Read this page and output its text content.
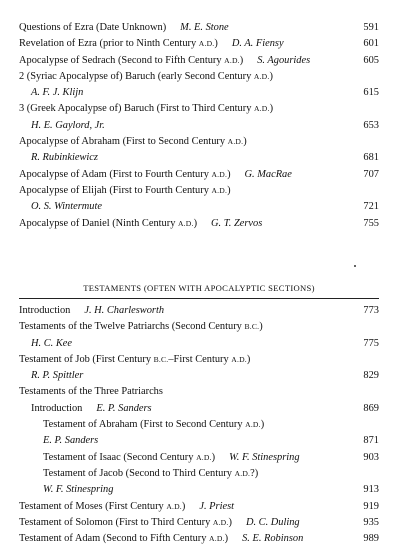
Questions of Ezra (Date Unknown) M. E. Stone	591
Revelation of Ezra (prior to Ninth Century A.D.) D. A. Fiensy	601
Apocalypse of Sedrach (Second to Fifth Century A.D.) S. Agourides	605
2 (Syriac Apocalypse of) Baruch (early Second Century A.D.)
A. F. J. Klijn	615
3 (Greek Apocalypse of) Baruch (First to Third Century A.D.)
H. E. Gaylord, Jr.	653
Apocalypse of Abraham (First to Second Century A.D.)
R. Rubinkiewicz	681
Apocalypse of Adam (First to Fourth Century A.D.) G. MacRae	707
Apocalypse of Elijah (First to Fourth Century A.D.)
O. S. Wintermute	721
Apocalypse of Daniel (Ninth Century A.D.) G. T. Zervos	755
TESTAMENTS (OFTEN WITH APOCALYPTIC SECTIONS)
Introduction J. H. Charlesworth	773
Testaments of the Twelve Patriarchs (Second Century B.C.)
H. C. Kee	775
Testament of Job (First Century B.C.–First Century A.D.)
R. P. Spittler	829
Testaments of the Three Patriarchs
Introduction E. P. Sanders	869
Testament of Abraham (First to Second Century A.D.)
E. P. Sanders	871
Testament of Isaac (Second Century A.D.) W. F. Stinespring	903
Testament of Jacob (Second to Third Century A.D.?)
W. F. Stinespring	913
Testament of Moses (First Century A.D.) J. Priest	919
Testament of Solomon (First to Third Century A.D.) D. C. Duling	935
Testament of Adam (Second to Fifth Century A.D.) S. E. Robinson	989
